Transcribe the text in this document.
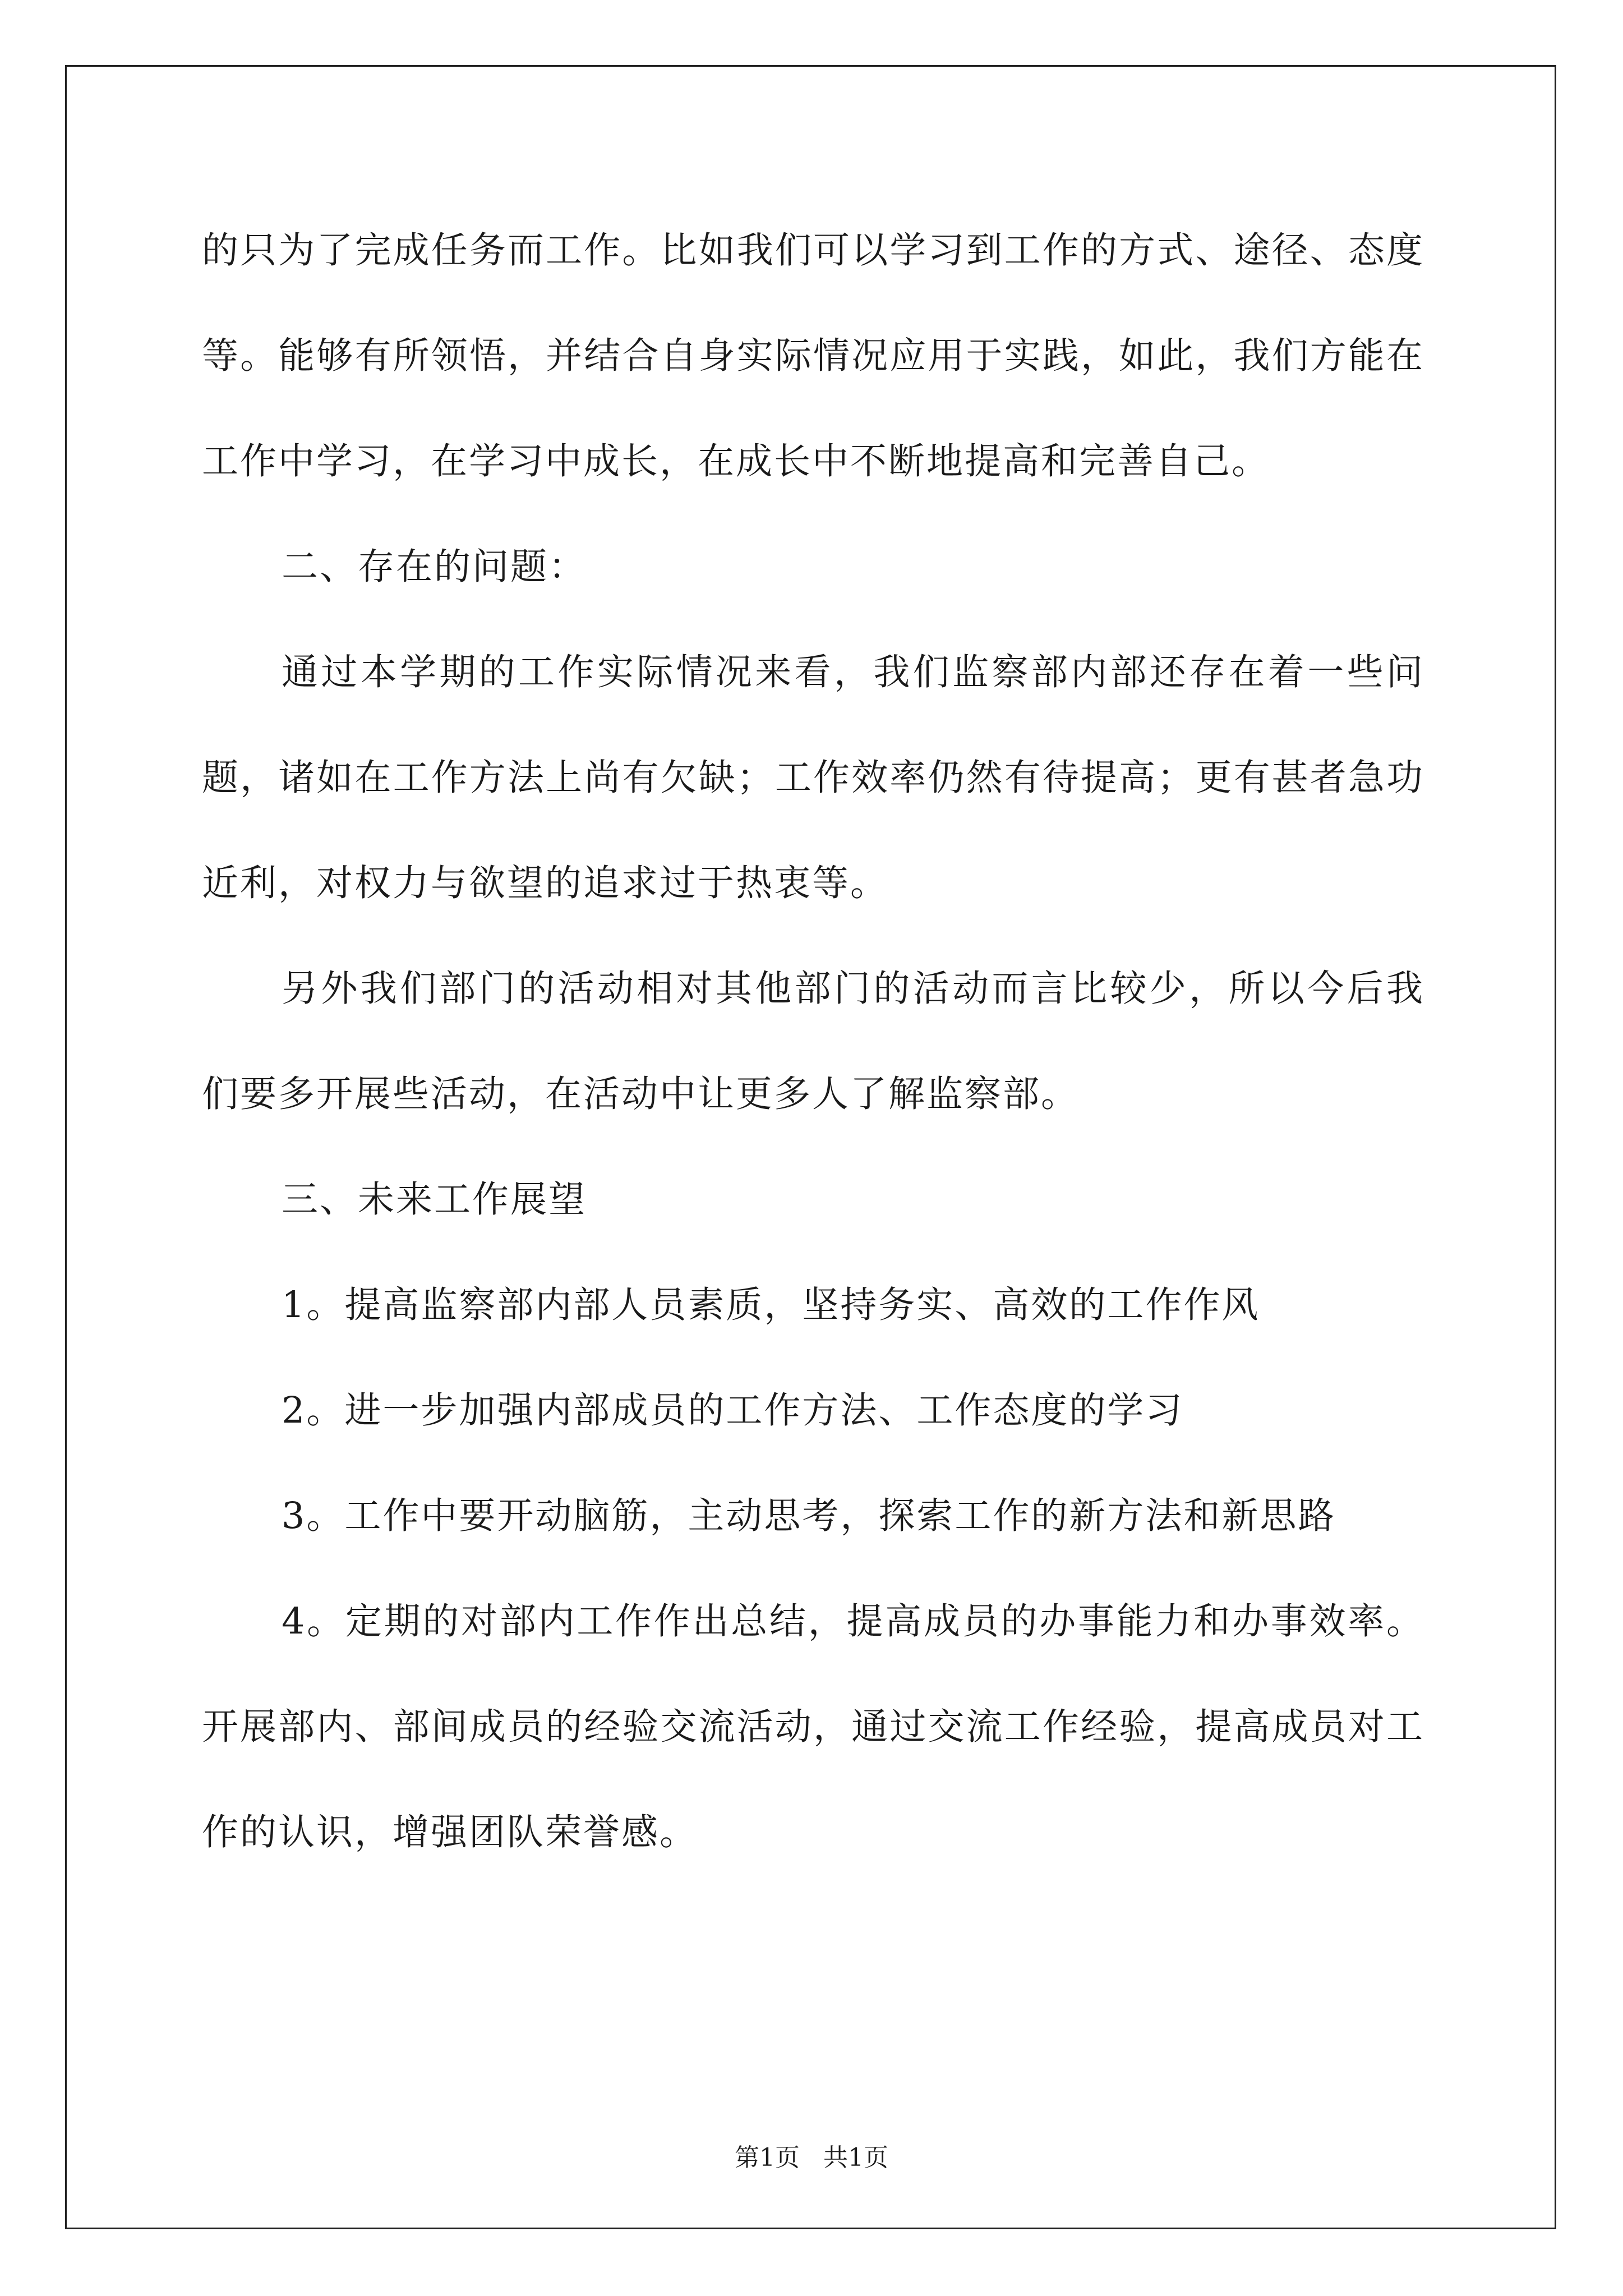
的只为了完成任务而工作。比如我们可以学习到工作的方式、途径、态度等。能够有所领悟，并结合自身实际情况应用于实践，如此，我们方能在工作中学习，在学习中成长，在成长中不断地提高和完善自己。

二、存在的问题：

通过本学期的工作实际情况来看，我们监察部内部还存在着一些问题，诸如在工作方法上尚有欠缺；工作效率仍然有待提高；更有甚者急功近利，对权力与欲望的追求过于热衷等。

另外我们部门的活动相对其他部门的活动而言比较少，所以今后我们要多开展些活动，在活动中让更多人了解监察部。

三、未来工作展望

1。提高监察部内部人员素质，坚持务实、高效的工作作风

2。进一步加强内部成员的工作方法、工作态度的学习

3。工作中要开动脑筋，主动思考，探索工作的新方法和新思路

4。定期的对部内工作作出总结，提高成员的办事能力和办事效率。开展部内、部间成员的经验交流活动，通过交流工作经验，提高成员对工作的认识，增强团队荣誉感。

第1页 共1页
